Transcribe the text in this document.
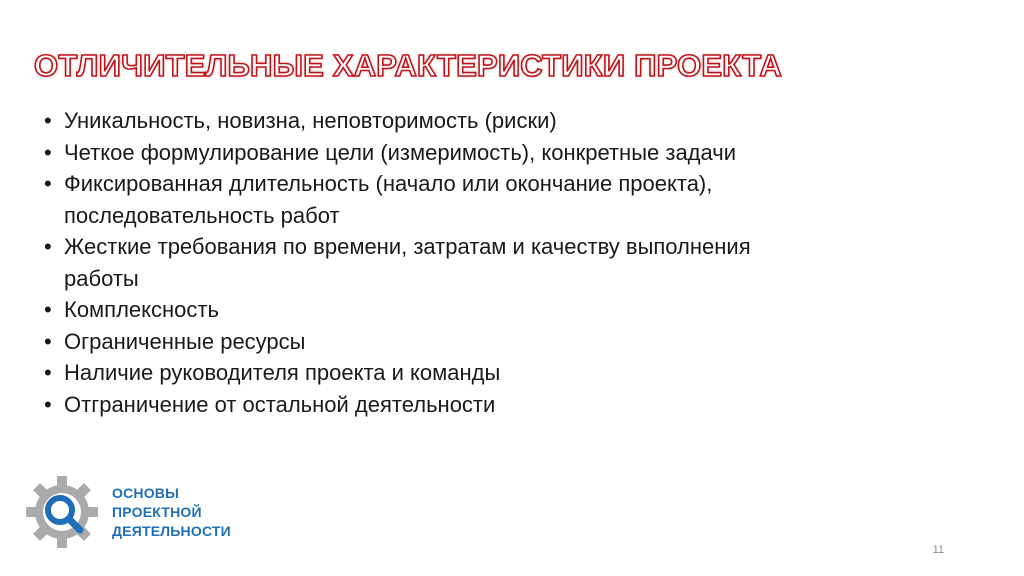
ОТЛИЧИТЕЛЬНЫЕ ХАРАКТЕРИСТИКИ ПРОЕКТА
• Уникальность, новизна, неповторимость (риски)
• Четкое формулирование цели (измеримость), конкретные задачи
• Фиксированная длительность (начало или окончание проекта), последовательность работ
• Жесткие требования по времени, затратам и качеству выполнения работы
• Комплексность
• Ограниченные ресурсы
• Наличие руководителя проекта и команды
• Отграничение от остальной деятельности
ОСНОВЫ
ПРОЕКТНОЙ
ДЕЯТЕЛЬНОСТИ
11
